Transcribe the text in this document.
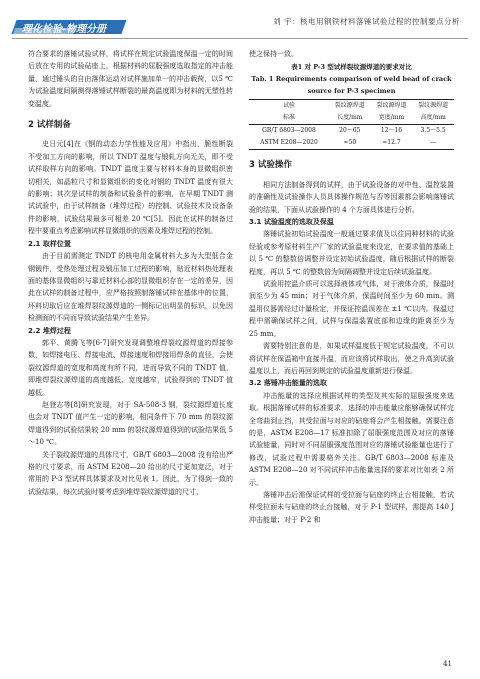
理化检验-物理分册
刘 宇：核电用钢铁材料落锤试验过程的控制要点分析

符合要求的落锤试验试样，将试样在规定试验温度保温一定的时间后放在专用的试验砧座上，根据材料的屈服强度选取指定的冲击能量，通过锤头的自由落体运动对试样施加单一的冲击载荷，以5 ℃为试验温度间隔测得落锤试样断裂的最高温度即为材料的无塑性转变温度。

2 试样制备

史日元[4]在《钢的动态力学性能及应用》中指出，脆性断裂不受加工方向的影响，所以 TNDT 温度与锻轧方向无关，即不受试样取样方向的影响。TNDT 温度主要与材料本身的显微组织密切相关，如晶粒尺寸和显微组织的变化对钢的 TNDT 温度有很大的影响；其次是试样的制备和试验条件的影响，在早期 TNDT 测试试验中，由于试样制备（堆焊过程）的控制、试验技术及设备条件的影响，试验结果最多可相差 20 ℃[5]。因此在试样的制备过程中要重点考虑影响试样显微组织的因素及堆焊过程的控制。

2.1 取样位置

由于目前需测定 TNDT 的核电用金属材料大多为大型低合金钢锻件，受热处理过程及锻压加工过程的影响，贴近材料热处理表面的基体显微组织与靠近材料心部的显微组织存在一定的差异，因此在试样的制备过程中，应严格按照制落锤试样在基体中的位置，坏料切取后应在堆焊裂纹源焊道的一侧标记出明显的标识，以免因检测面的不同而导致试验结果产生差异。

2.2 堆焊过程

郭平、黄腾飞等[6-7]研究发现调整堆焊裂纹源焊道的焊接参数，如焊接电压、焊接电流、焊接速度和焊接用焊条的直径，会使裂纹源焊道的宽度和高度有所不同，进而导致不同的 TNDT 值，即堆焊裂纹源焊道的高度越低、宽度越窄，试验得到的 TNDT 值越低。

赵登志等[8]研究发现，对于 SA-508-3 钢，裂纹源焊道长度也会对 TNDT 值产生一定的影响，相同条件下 70 mm 的裂纹源焊道得到的试验结果较 20 mm 的裂纹源焊道得到的试验结果低 5～10 ℃。

关于裂纹源焊道的具体尺寸，GB/T 6803—2008 没有给出严格的尺寸要求，而 ASTM E208—20 给出的尺寸更加宽泛，对于常用的 P-3 型试样具体要求及对比见表 1。因此，为了得到一致的试验结果，每次试验时要考虑到堆焊裂纹源焊道的尺寸，

使之保持一致。

表1 对 P-3 型试样裂纹源焊道的要求对比
Tab. 1 Requirements comparison of weld bead of crack
source for P-3 specimen
试验	裂纹源焊道	裂纹源焊道	裂纹源焊道
标准	长度/mm	宽度/mm	高度/mm
GB/T 6803—2008	20～65	12～16	3.5～5.5
ASTM E208—2020	≈50	≈12.7	—
3 试验操作

相同方法制备得到的试样，由于试验设备的对中性、温控装置的准确性及试验操作人员具体操作规范与否等因素都会影响落锤试验的结果，下面从试验操作的 4 个方面具体进行分析。

3.1 试验温度的选取及保温

落锤试验初始试验温度一般通过要求值及以往同种材料的试验经验或参考原材料生产厂家的试验温度来设定，在要求值的基础上以 5 ℃ 的整数倍调整并设定初始试验温度，随后根据试样的断裂程度，再以 5 ℃ 的整数倍为间隔调整并设定后续试验温度。

试验用控温介质可以选择液体或气体，对于液体介质，保温时间至少为 45 min；对于气体介质，保温时间至少为 60 min。测温用仪器需经过计量检定，并保证控温误差在 ±1 ℃以内。保温过程中需确保试样之间，试样与保温装置底部和边缘的距离至少为 25 mm。

需要特别注意的是，如果试样温度低于规定试验温度，不可以将试样在保温箱中直接升温，而应该将试样取出，使之升高到试验温度以上，而后再回到规定的试验温度重新进行保温。

3.2 落锤冲击能量的选取

冲击能量的选择应根据试样的类型及其实际的屈服强度来选取。根据落锤试样的标准要求，选择的冲击能量应能够确保试样完全弯曲到止挡，其受拉面与对应的砧座将会产生相接触。需要注意的是，ASTM E208—17 标准扣除了屈服强度范围及对应的落锤试验能量，同时对不同屈服强度范围对应的落锤试验能量也进行了修改，试验过程中需要格外关注。GB/T 6803—2008 标准及 ASTM E208—20 对不同试样冲击能量选择的要求对比如表 2 所示。

落锤冲击后需保证试样的受拉面与砧座的终止台相接触，若试样受拉面未与砧座的终止台接触，对于 P-1 型试样，需提高 140 J 冲击能量；对于 P-2 和

41
